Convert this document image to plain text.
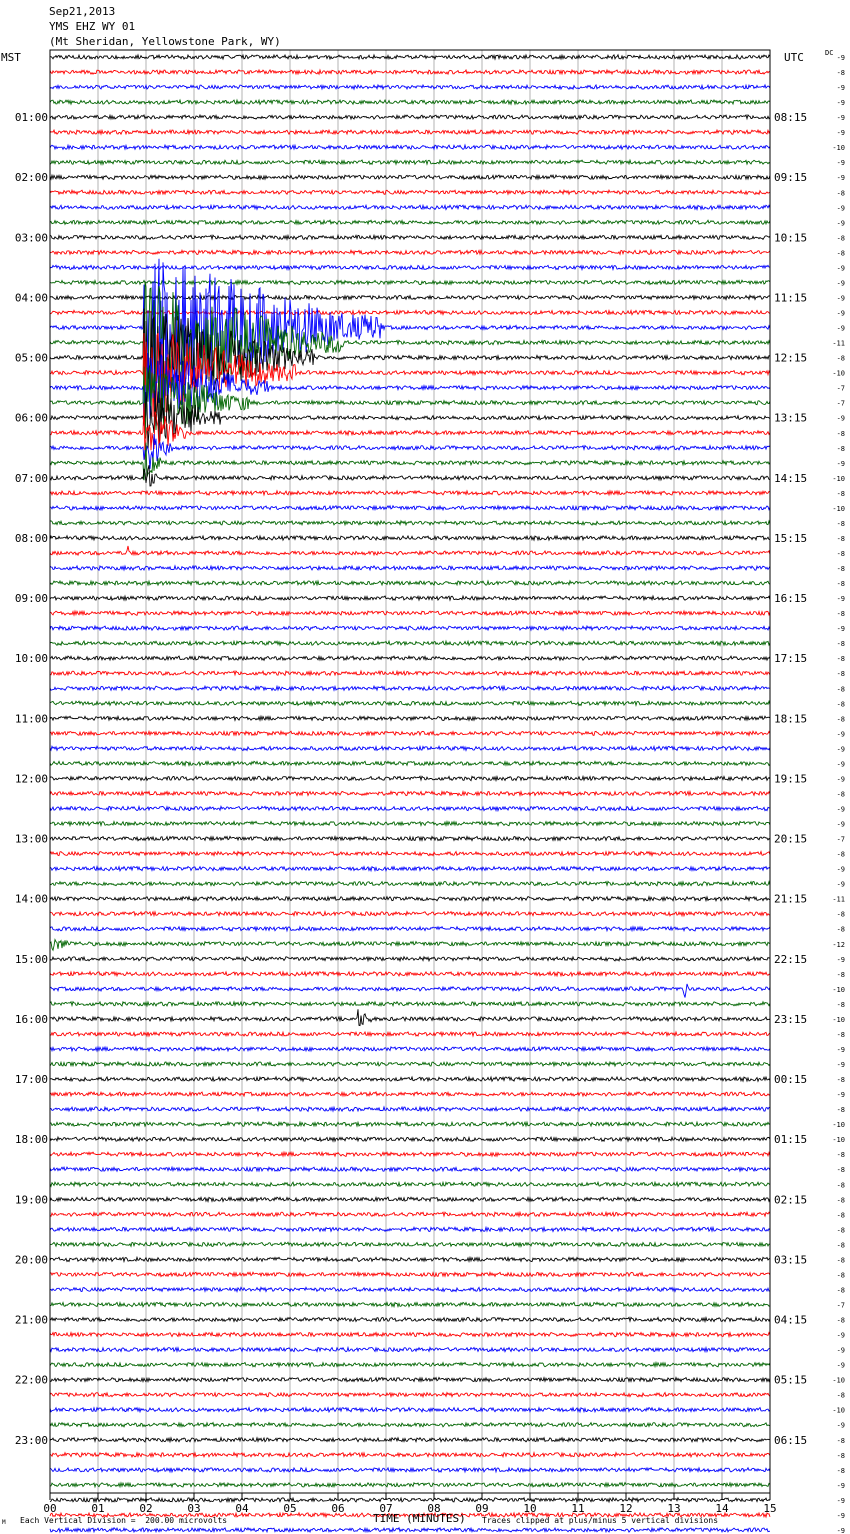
Sep21,2013
YMS EHZ WY 01
(Mt Sheridan, Yellowstone Park, WY)
MST	UTC	DC
00	01	02	03	04	05	06	07	08	09	10	11	12	13	14	15
01:00
02:00
03:00
04:00
05:00
06:00
07:00
08:00
09:00
10:00
11:00
12:00
13:00
14:00
15:00
16:00
17:00
18:00
19:00
20:00
21:00
22:00
23:00
08:15
09:15
10:15
11:15
12:15
13:15
14:15
15:15
16:15
17:15
18:15
19:15
20:15
21:15
22:15
23:15
00:15
01:15
02:15
03:15
04:15
05:15
06:15
-9
-8
-9
-9
-9
-9
-10
-9
-9
-8
-9
-9
-8
-8
-9
-9
-9
-9
-9
-11
-8
-10
-7
-7
-9
-8
-8
-9
-10
-8
-10
-8
-8
-8
-8
-8
-9
-8
-9
-8
-8
-8
-8
-8
-8
-9
-9
-9
-9
-8
-9
-9
-7
-8
-9
-9
-11
-8
-8
-12
-9
-8
-10
-8
-10
-8
-9
-9
-8
-9
-8
-10
-10
-8
-8
-8
-8
-8
-8
-8
-8
-8
-8
-7
-8
-9
-9
-9
-10
-8
-10
-9
-8
-8
-8
-9
-9
-9
-9
M Each Vertical Division =  200.00 microvolts	TIME (MINUTES) Traces clipped at plus/minus 5 vertical divisions
